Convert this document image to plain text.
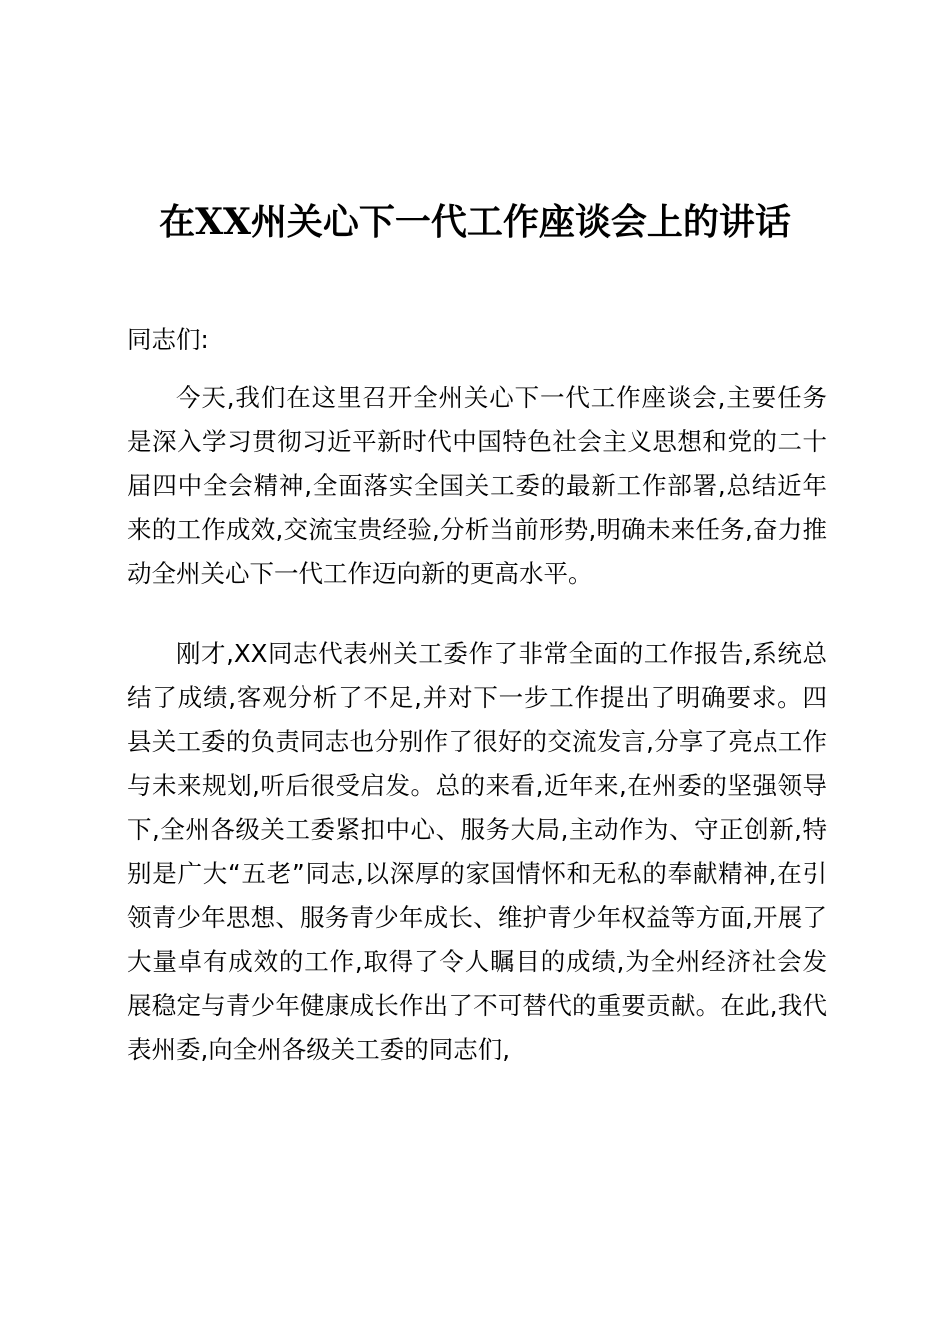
在XX州关心下一代工作座谈会上的讲话

同志们:

今天,我们在这里召开全州关心下一代工作座谈会,主要任务是深入学习贯彻习近平新时代中国特色社会主义思想和党的二十届四中全会精神,全面落实全国关工委的最新工作部署,总结近年来的工作成效,交流宝贵经验,分析当前形势,明确未来任务,奋力推动全州关心下一代工作迈向新的更高水平。

刚才,XX同志代表州关工委作了非常全面的工作报告,系统总结了成绩,客观分析了不足,并对下一步工作提出了明确要求。四县关工委的负责同志也分别作了很好的交流发言,分享了亮点工作与未来规划,听后很受启发。总的来看,近年来,在州委的坚强领导下,全州各级关工委紧扣中心、服务大局,主动作为、守正创新,特别是广大“五老”同志,以深厚的家国情怀和无私的奉献精神,在引领青少年思想、服务青少年成长、维护青少年权益等方面,开展了大量卓有成效的工作,取得了令人瞩目的成绩,为全州经济社会发展稳定与青少年健康成长作出了不可替代的重要贡献。在此,我代表州委,向全州各级关工委的同志们,
